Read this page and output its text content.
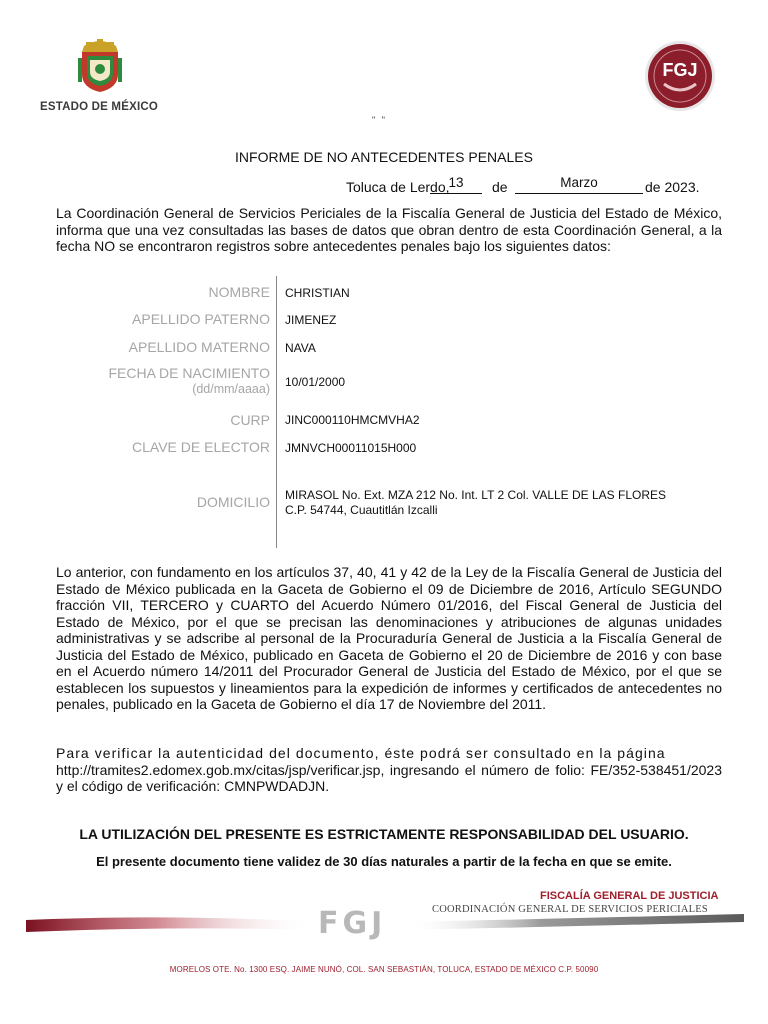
ESTADO DE MÉXICO
FGJ
" "
INFORME DE NO ANTECEDENTES PENALES
Toluca de Lerdo,
13	de	Marzo	de 2023.
La Coordinación General de Servicios Periciales de la Fiscalía General de Justicia del Estado de México, informa que una vez consultadas las bases de datos que obran dentro de esta Coordinación General, a la fecha NO se encontraron registros sobre antecedentes penales bajo los siguientes datos:
NOMBRE CHRISTIAN
APELLIDO PATERNO JIMENEZ
APELLIDO MATERNO NAVA
FECHA DE NACIMIENTO
(dd/mm/aaaa) 10/01/2000
CURP JINC000110HMCMVHA2
CLAVE DE ELECTOR JMNVCH00011015H000
DOMICILIO MIRASOL No. Ext. MZA 212 No. Int. LT 2 Col. VALLE DE LAS FLORES
C.P. 54744, Cuautitlán Izcalli
Lo anterior, con fundamento en los artículos 37, 40, 41 y 42 de la Ley de la Fiscalía General de Justicia del Estado de México publicada en la Gaceta de Gobierno el 09 de Diciembre de 2016, Artículo SEGUNDO fracción VII, TERCERO y CUARTO del Acuerdo Número 01/2016, del Fiscal General de Justicia del Estado de México, por el que se precisan las denominaciones y atribuciones de algunas unidades administrativas y se adscribe al personal de la Procuraduría General de Justicia a la Fiscalía General de Justicia del Estado de México, publicado en Gaceta de Gobierno el 20 de Diciembre de 2016 y con base en el Acuerdo número 14/2011 del Procurador General de Justicia del Estado de México, por el que se establecen los supuestos y lineamientos para la expedición de informes y certificados de antecedentes no penales, publicado en la Gaceta de Gobierno el día 17 de Noviembre del 2011.
Para verificar la autenticidad del documento, éste podrá ser consultado en la página
http://tramites2.edomex.gob.mx/citas/jsp/verificar.jsp, ingresando el número de folio: FE/352-538451/2023 y el código de verificación: CMNPWDADJN.
LA UTILIZACIÓN DEL PRESENTE ES ESTRICTAMENTE RESPONSABILIDAD DEL USUARIO.
El presente documento tiene validez de 30 días naturales a partir de la fecha en que se emite.
FGJ
FISCALÍA GENERAL DE JUSTICIA
COORDINACIÓN GENERAL DE SERVICIOS PERICIALES
MORELOS OTE. No. 1300 ESQ. JAIME NUNÓ, COL. SAN SEBASTIÁN, TOLUCA, ESTADO DE MÉXICO C.P. 50090
